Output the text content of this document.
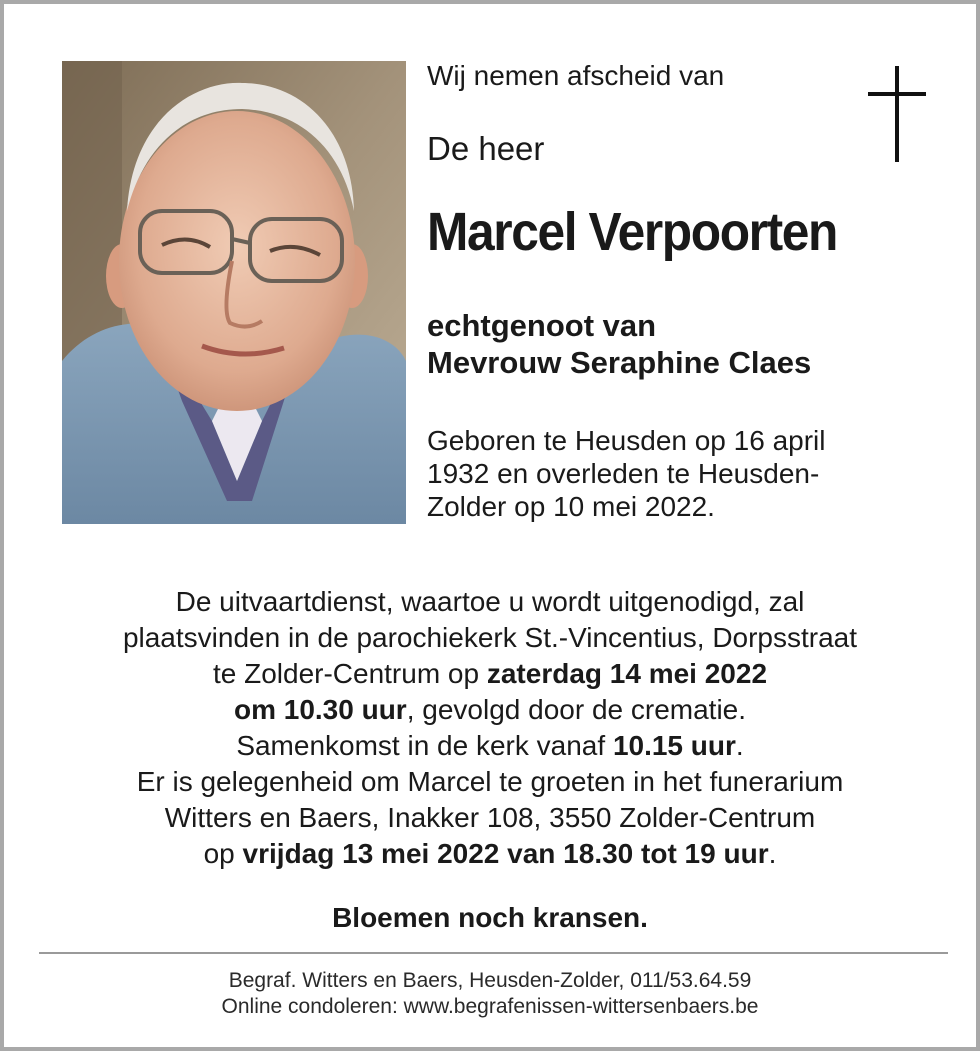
Wij nemen afscheid van
De heer
Marcel Verpoorten
echtgenoot van
Mevrouw Seraphine Claes
Geboren te Heusden op 16 april
1932 en overleden te Heusden-
Zolder op 10 mei 2022.
De uitvaartdienst, waartoe u wordt uitgenodigd, zal
plaatsvinden in de parochiekerk St.-Vincentius, Dorpsstraat
te Zolder-Centrum op zaterdag 14 mei 2022
om 10.30 uur, gevolgd door de crematie.
Samenkomst in de kerk vanaf 10.15 uur.
Er is gelegenheid om Marcel te groeten in het funerarium
Witters en Baers, Inakker 108, 3550 Zolder-Centrum
op vrijdag 13 mei 2022 van 18.30 tot 19 uur.
Bloemen noch kransen.
Begraf. Witters en Baers, Heusden-Zolder, 011/53.64.59
Online condoleren: www.begrafenissen-wittersenbaers.be
